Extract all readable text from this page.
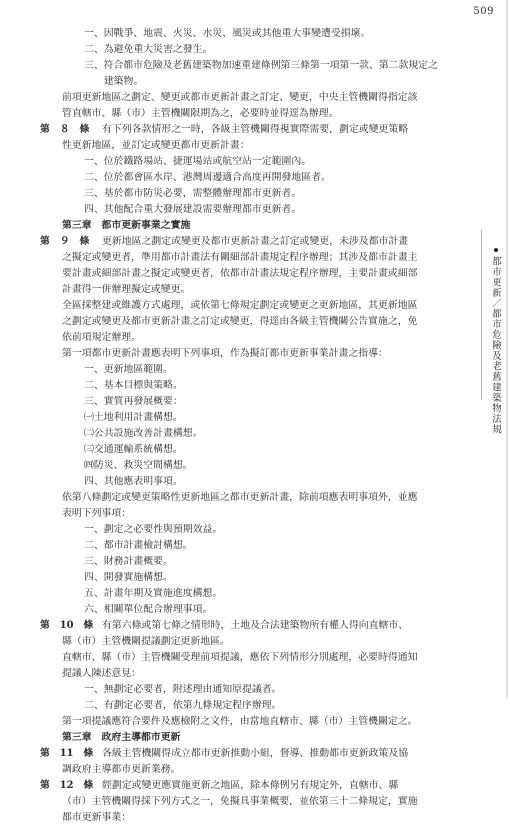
509
都市更新／都市危險及老舊建築物法規

一、因戰爭、地震、火災、水災、風災或其他重大事變遭受損壞。

二、為避免重大災害之發生。

三、符合都市危險及老舊建築物加速重建條例第三條第一項第一款、第二款規定之

　　建築物。

前項更新地區之劃定、變更或都市更新計畫之訂定、變更，中央主管機關得指定該

管直轄市、縣（市）主管機關限期為之，必要時並得逕為辦理。

第　８　條 有下列各款情形之一時，各級主管機關得視實際需要，劃定或變更策略

性更新地區，並訂定或變更都市更新計畫：

一、位於鐵路場站、捷運場站或航空站一定範圍內。

二、位於都會區水岸、港灣周邊適合高度再開發地區者。

三、基於都市防災必要，需整體辦理都市更新者。

四、其他配合重大發展建設需要辦理都市更新者。

第三章　都市更新事業之實施

第　９　條 更新地區之劃定或變更及都市更新計畫之訂定或變更，未涉及都市計畫

之擬定或變更者，準用都市計畫法有關細部計畫規定程序辦理；其涉及都市計畫主

要計畫或細部計畫之擬定或變更者，依都市計畫法規定程序辦理，主要計畫或細部

計畫得一併辦理擬定或變更。

全區採整建或維護方式處理，或依第七條規定劃定或變更之更新地區，其更新地區

之劃定或變更及都市更新計畫之訂定或變更，得逕由各級主管機關公告實施之，免

依前項規定辦理。

第一項都市更新計畫應表明下列事項，作為擬訂都市更新事業計畫之指導：

一、更新地區範圍。

二、基本目標與策略。

三、實質再發展概要：

㈠土地利用計畫構想。

㈡公共設施改善計畫構想。

㈢交通運輸系統構想。

㈣防災、救災空間構想。

四、其他應表明事項。

依第八條劃定或變更策略性更新地區之都市更新計畫，除前項應表明事項外，並應

表明下列事項：

一、劃定之必要性與預期效益。

二、都市計畫檢討構想。

三、財務計畫概要。

四、開發實施構想。

五、計畫年期及實施進度構想。

六、相關單位配合辦理事項。

第　10　條 有第六條或第七條之情形時，土地及合法建築物所有權人得向直轄市、

縣（市）主管機關提議劃定更新地區。

直轄市、縣（市）主管機關受理前項提議，應依下列情形分別處理，必要時得通知

提議人陳述意見：

一、無劃定必要者，附述理由通知原提議者。

二、有劃定必要者，依第九條規定程序辦理。

第一項提議應符合要件及應檢附之文件，由當地直轄市、縣（市）主管機關定之。

第三章　政府主導都市更新

第　11　條 各級主管機關得成立都市更新推動小組，督導、推動都市更新政策及協

調政府主導都市更新業務。

第　12　條 經劃定或變更應實施更新之地區，除本條例另有規定外，直轄市、縣

（市）主管機關得採下列方式之一，免擬具事業概要，並依第三十二條規定，實施

都市更新事業：
